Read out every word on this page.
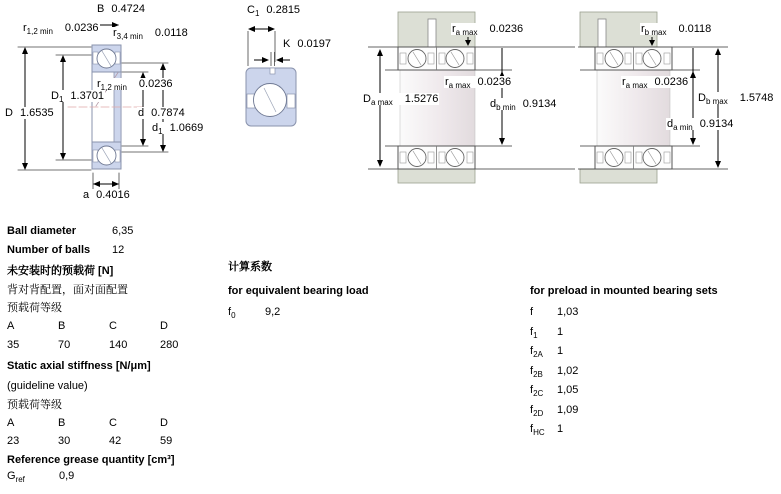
B 0.4724
$r_{1,2 min}$ 0.0236 $r_{3,4 min}$ 0.0118
D 1.6535
$D_1$ 1.3701
$r_{1,2 min}$ 0.0236
d 0.7874
$d_1$ 1.0669
a 0.4016
$C_1$ 0.2815
K 0.0197
$r_{a max}$ 0.0236
$r_{a max}$ 0.0236
$D_{a max}$ 1.5276	$d_{b min}$ 0.9134
$r_{b max}$ 0.0118
$r_{a max}$ 0.0236
$D_{b max}$ 1.5748
$d_{a min}$ 0.9134
Ball diameter	6,35
Number of balls 12
未安装时的预载荷 [N]
背对背配置，面对面配置
预载荷等级
A	B	C	D
35	70	140	280
Static axial stiffness [N/μm]
(guideline value)
预载荷等级
A	B	C	D
23	30	42	59
Reference grease quantity [cm³]
$G_{ref}$	0,9
计算系数
for equivalent bearing load
$f_0$	9,2
for preload in mounted bearing sets
f 1,03
$f_1$ 1
$f_{2A}$ 1
$f_{2B}$ 1,02
$f_{2C}$ 1,05
$f_{2D}$ 1,09
$f_{HC}$ 1
